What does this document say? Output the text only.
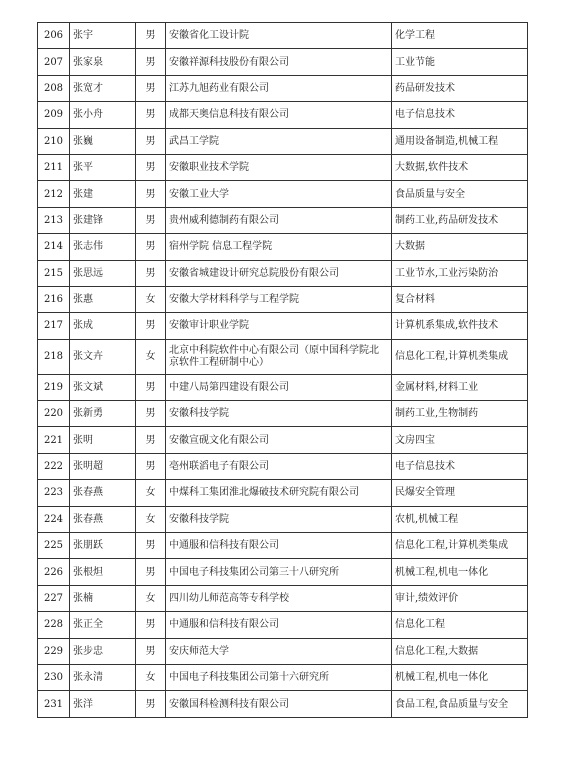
206	张宇	男	安徽省化工设计院	化学工程
207	张家泉	男	安徽祥源科技股份有限公司	工业节能
208	张宽才	男	江苏九旭药业有限公司	药品研发技术
209	张小舟	男	成都天奥信息科技有限公司	电子信息技术
210	张巍	男	武昌工学院	通用设备制造,机械工程
211	张平	男	安徽职业技术学院	大数据,软件技术
212	张建	男	安徽工业大学	食品质量与安全
213	张建锋	男	贵州威利德制药有限公司	制药工业,药品研发技术
214	张志伟	男	宿州学院 信息工程学院	大数据
215	张思远	男	安徽省城建设计研究总院股份有限公司	工业节水,工业污染防治
216	张惠	女	安徽大学材料科学与工程学院	复合材料
217	张成	男	安徽审计职业学院	计算机系集成,软件技术
218	张文卉	女	北京中科院软件中心有限公司（原中国科学院北京软件工程研制中心）	信息化工程,计算机类集成
219	张文斌	男	中建八局第四建设有限公司	金属材料,材料工业
220	张新勇	男	安徽科技学院	制药工业,生物制药
221	张明	男	安徽宣砚文化有限公司	文房四宝
222	张明超	男	亳州联滔电子有限公司	电子信息技术
223	张春燕	女	中煤科工集团淮北爆破技术研究院有限公司	民爆安全管理
224	张春燕	女	安徽科技学院	农机,机械工程
225	张朋跃	男	中通服和信科技有限公司	信息化工程,计算机类集成
226	张根炟	男	中国电子科技集团公司第三十八研究所	机械工程,机电一体化
227	张楠	女	四川幼儿师范高等专科学校	审计,绩效评价
228	张正全	男	中通服和信科技有限公司	信息化工程
229	张步忠	男	安庆师范大学	信息化工程,大数据
230	张永清	女	中国电子科技集团公司第十六研究所	机械工程,机电一体化
231	张洋	男	安徽国科检测科技有限公司	食品工程,食品质量与安全
